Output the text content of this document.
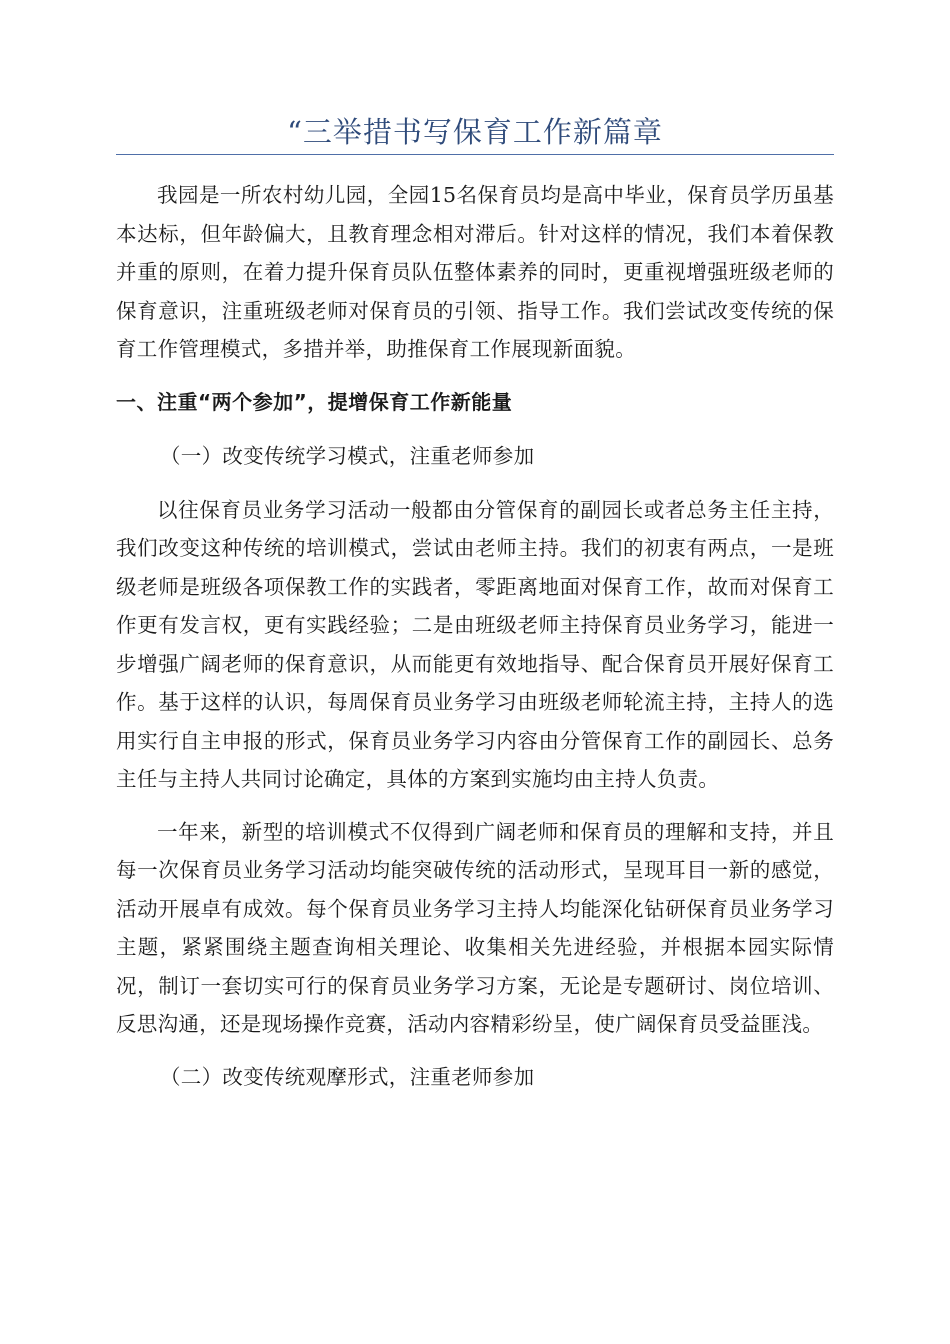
“三举措书写保育工作新篇章

我园是一所农村幼儿园，全园15名保育员均是高中毕业，保育员学历虽基本达标，但年龄偏大，且教育理念相对滞后。针对这样的情况，我们本着保教并重的原则，在着力提升保育员队伍整体素养的同时，更重视增强班级老师的保育意识，注重班级老师对保育员的引领、指导工作。我们尝试改变传统的保育工作管理模式，多措并举，助推保育工作展现新面貌。

一、注重“两个参加”，提增保育工作新能量
（一）改变传统学习模式，注重老师参加

以往保育员业务学习活动一般都由分管保育的副园长或者总务主任主持，我们改变这种传统的培训模式，尝试由老师主持。我们的初衷有两点，一是班级老师是班级各项保教工作的实践者，零距离地面对保育工作，故而对保育工作更有发言权，更有实践经验；二是由班级老师主持保育员业务学习，能进一步增强广阔老师的保育意识，从而能更有效地指导、配合保育员开展好保育工作。基于这样的认识，每周保育员业务学习由班级老师轮流主持，主持人的选用实行自主申报的形式，保育员业务学习内容由分管保育工作的副园长、总务主任与主持人共同讨论确定，具体的方案到实施均由主持人负责。

一年来，新型的培训模式不仅得到广阔老师和保育员的理解和支持，并且每一次保育员业务学习活动均能突破传统的活动形式，呈现耳目一新的感觉，活动开展卓有成效。每个保育员业务学习主持人均能深化钻研保育员业务学习主题，紧紧围绕主题查询相关理论、收集相关先进经验，并根据本园实际情况，制订一套切实可行的保育员业务学习方案，无论是专题研讨、岗位培训、反思沟通，还是现场操作竞赛，活动内容精彩纷呈，使广阔保育员受益匪浅。

（二）改变传统观摩形式，注重老师参加
